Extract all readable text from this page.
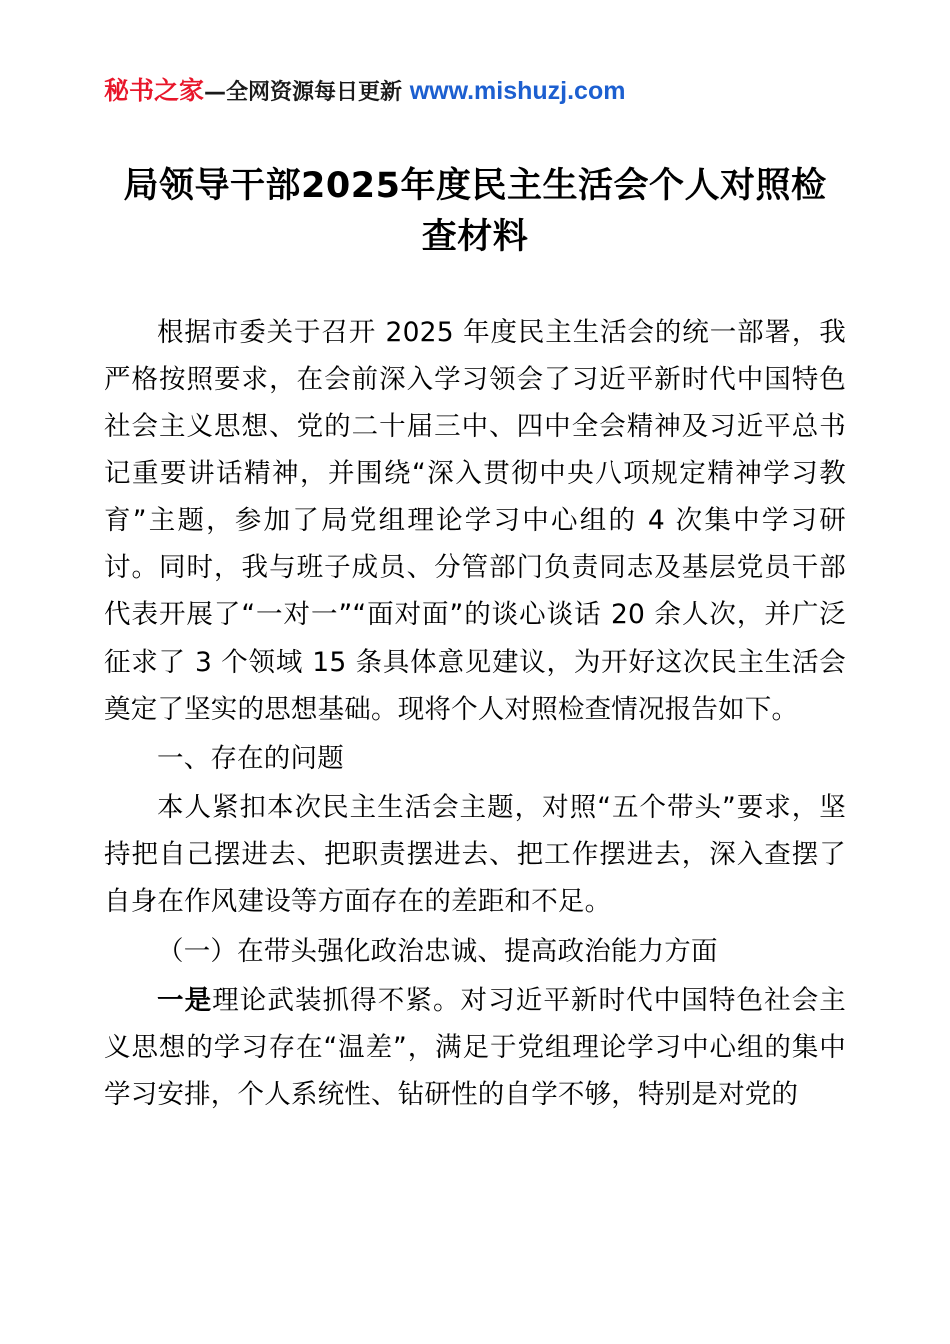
秘书之家—全网资源每日更新 www.mishuzj.com
局领导干部2025年度民主生活会个人对照检查材料

根据市委关于召开 2025 年度民主生活会的统一部署，我严格按照要求，在会前深入学习领会了习近平新时代中国特色社会主义思想、党的二十届三中、四中全会精神及习近平总书记重要讲话精神，并围绕“深入贯彻中央八项规定精神学习教育”主题，参加了局党组理论学习中心组的 4 次集中学习研讨。同时，我与班子成员、分管部门负责同志及基层党员干部代表开展了“一对一”“面对面”的谈心谈话 20 余人次，并广泛征求了 3 个领域 15 条具体意见建议，为开好这次民主生活会奠定了坚实的思想基础。现将个人对照检查情况报告如下。

一、存在的问题

本人紧扣本次民主生活会主题，对照“五个带头”要求，坚持把自己摆进去、把职责摆进去、把工作摆进去，深入查摆了自身在作风建设等方面存在的差距和不足。

（一）在带头强化政治忠诚、提高政治能力方面

一是理论武装抓得不紧。对习近平新时代中国特色社会主义思想的学习存在“温差”，满足于党组理论学习中心组的集中学习安排，个人系统性、钻研性的自学不够，特别是对党的
